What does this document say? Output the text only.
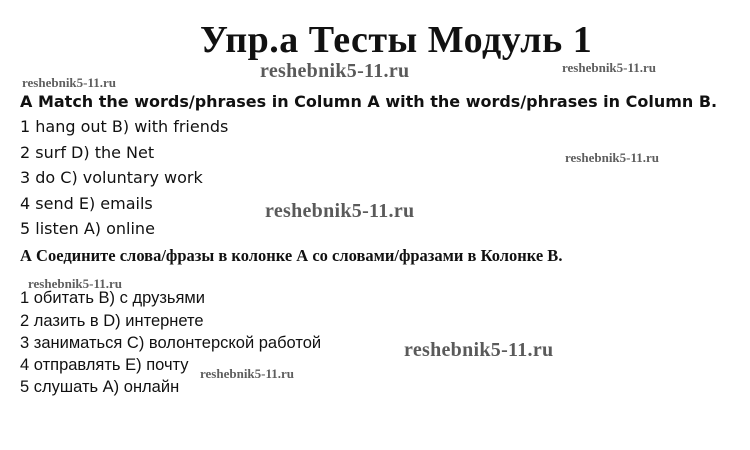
Упр.a Тесты Модуль 1
reshebnik5-11.ru
reshebnik5-11.ru	reshebnik5-11.ru
reshebnik5-11.ru
reshebnik5-11.ru
reshebnik5-11.ru
reshebnik5-11.ru
reshebnik5-11.ru
A Match the words/phrases in Column A with the words/phrases in Column B.
1 hang out B) with friends
2 surf D) the Net
3 do C) voluntary work
4 send E) emails
5 listen A) online
А Соедините слова/фразы в колонке А со словами/фразами в Колонке В.
1 обитать В) с друзьями
2 лазить в D) интернете
3 заниматься С) волонтерской работой
4 отправлять Е) почту
5 слушать А) онлайн
